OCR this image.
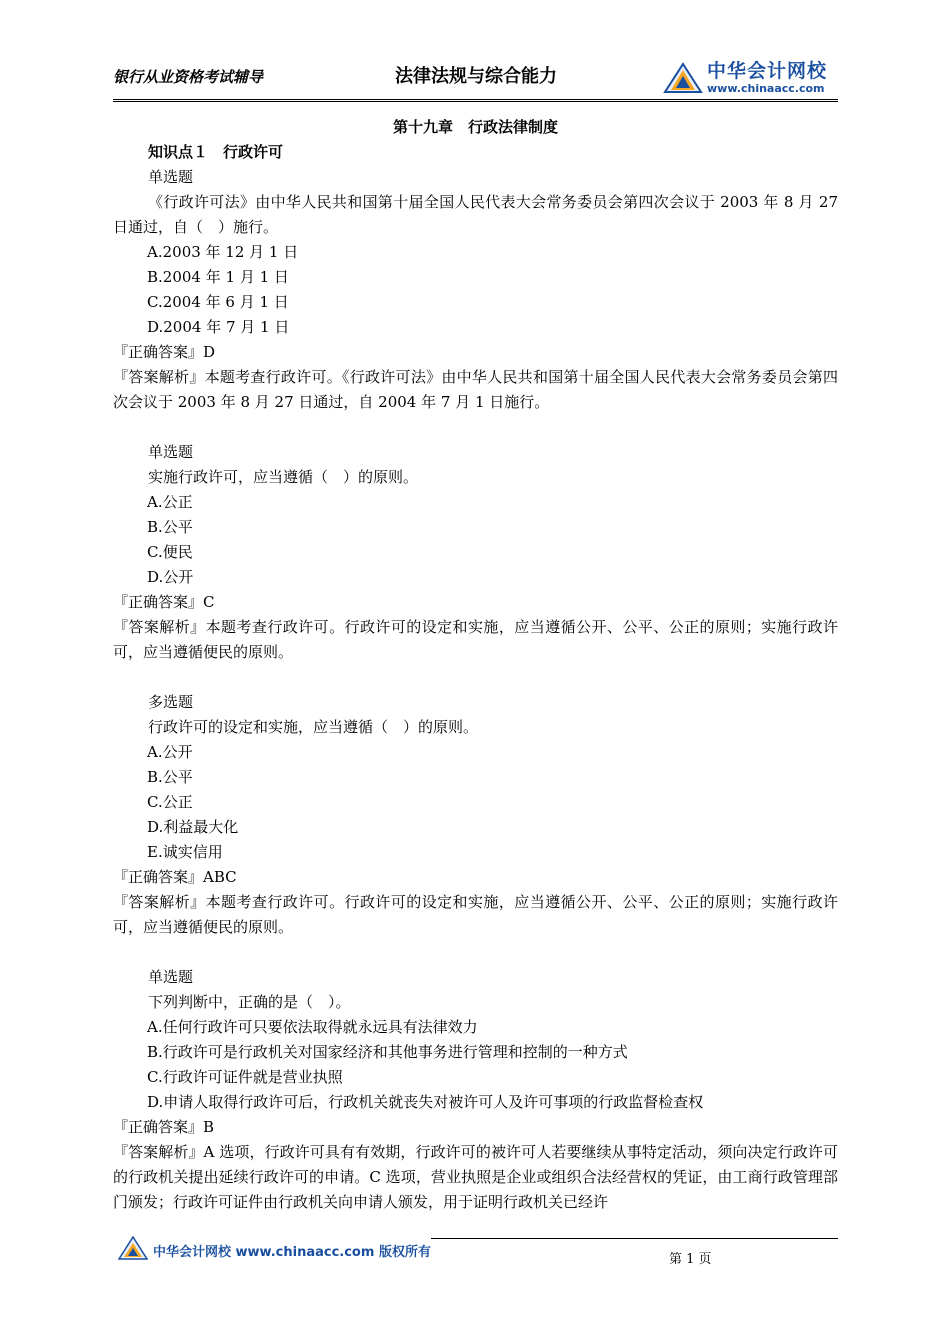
银行从业资格考试辅导	法律法规与综合能力	中华会计网校
www.chinaacc.com
第十九章　行政法律制度
知识点１　行政许可
单选题

《行政许可法》由中华人民共和国第十届全国人民代表大会常务委员会第四次会议于 2003 年 8 月 27 日通过，自（　）施行。

A.2003 年 12 月 1 日
B.2004 年 1 月 1 日
C.2004 年 6 月 1 日
D.2004 年 7 月 1 日
『正确答案』D

『答案解析』本题考查行政许可。《行政许可法》由中华人民共和国第十届全国人民代表大会常务委员会第四次会议于 2003 年 8 月 27 日通过，自 2004 年 7 月 1 日施行。

单选题
实施行政许可，应当遵循（　）的原则。
A.公正
B.公平
C.便民
D.公开
『正确答案』C

『答案解析』本题考查行政许可。行政许可的设定和实施，应当遵循公开、公平、公正的原则；实施行政许可，应当遵循便民的原则。

多选题
行政许可的设定和实施，应当遵循（　）的原则。
A.公开
B.公平
C.公正
D.利益最大化
E.诚实信用
『正确答案』ABC

『答案解析』本题考查行政许可。行政许可的设定和实施，应当遵循公开、公平、公正的原则；实施行政许可，应当遵循便民的原则。

单选题
下列判断中，正确的是（　）。
A.任何行政许可只要依法取得就永远具有法律效力
B.行政许可是行政机关对国家经济和其他事务进行管理和控制的一种方式
C.行政许可证件就是营业执照
D.申请人取得行政许可后，行政机关就丧失对被许可人及许可事项的行政监督检查权
『正确答案』B

『答案解析』A 选项，行政许可具有有效期，行政许可的被许可人若要继续从事特定活动，须向决定行政许可的行政机关提出延续行政许可的申请。C 选项，营业执照是企业或组织合法经营权的凭证，由工商行政管理部门颁发；行政许可证件由行政机关向申请人颁发，用于证明行政机关已经许

中华会计网校 www.chinaacc.com 版权所有	第 1 页
